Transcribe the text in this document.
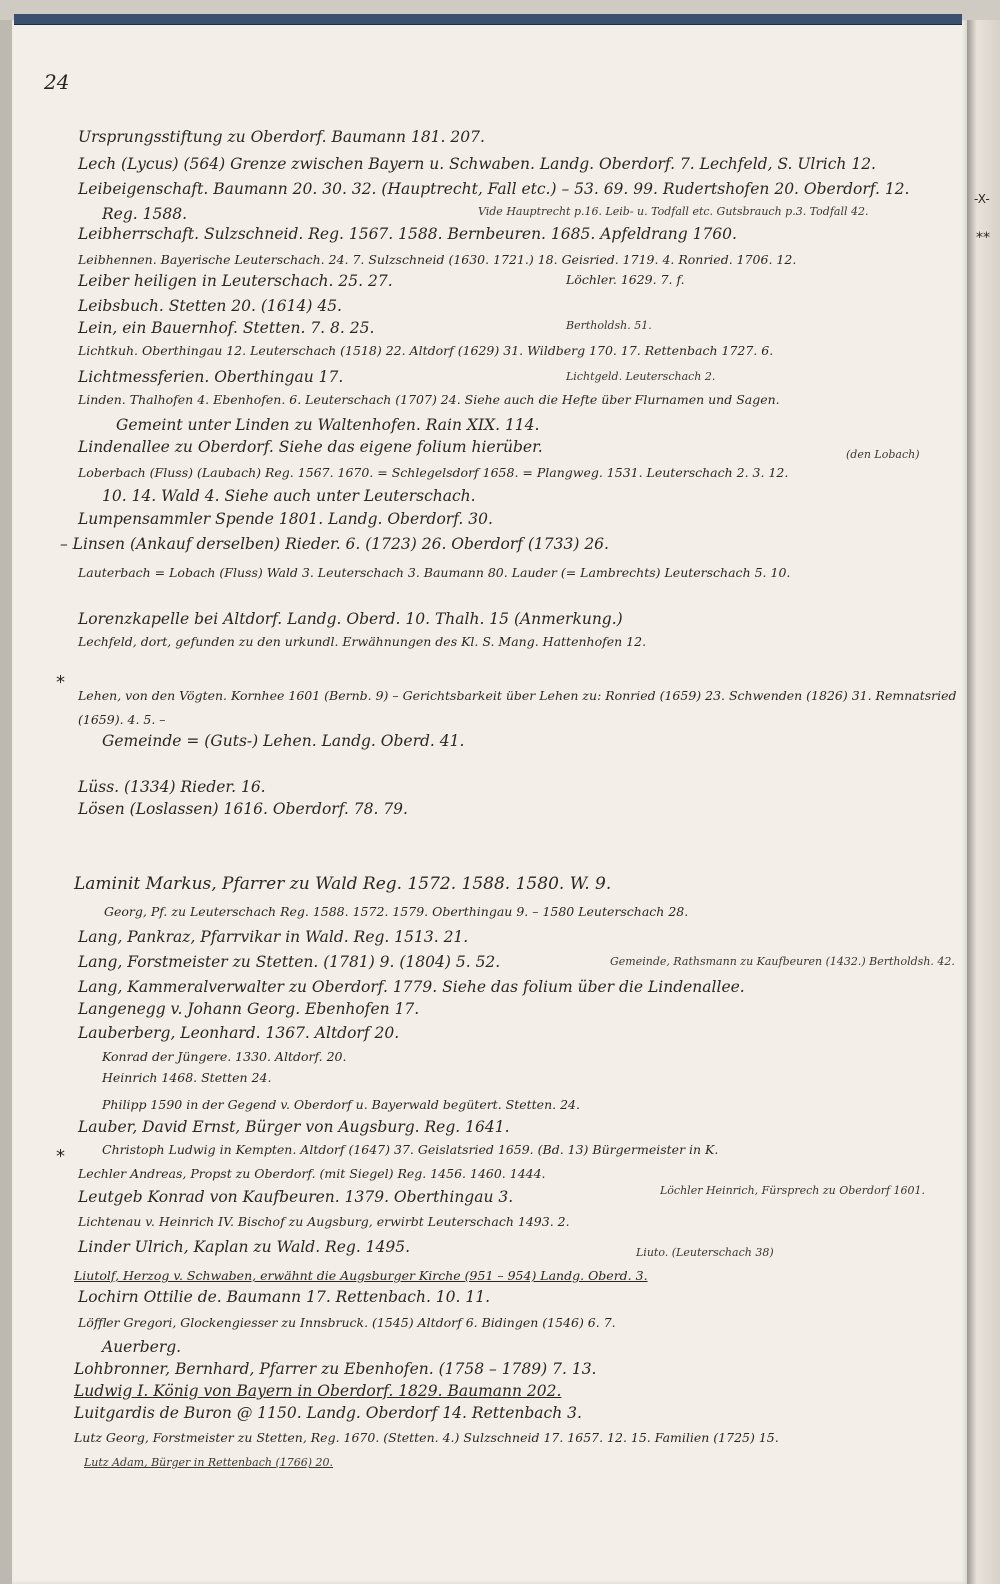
24
-X-
**
*
*
Ursprungsstiftung zu Oberdorf. Baumann 181. 207.
Lech (Lycus) (564) Grenze zwischen Bayern u. Schwaben. Landg. Oberdorf. 7. Lechfeld, S. Ulrich 12.
Leibeigenschaft. Baumann 20. 30. 32. (Hauptrecht, Fall etc.) – 53. 69. 99. Rudertshofen 20. Oberdorf. 12.
Reg. 1588.	Vide Hauptrecht p.16. Leib- u. Todfall etc. Gutsbrauch p.3. Todfall 42.
Leibherrschaft. Sulzschneid. Reg. 1567. 1588. Bernbeuren. 1685. Apfeldrang 1760.
Leibhennen. Bayerische Leuterschach. 24. 7. Sulzschneid (1630. 1721.) 18. Geisried. 1719. 4. Ronried. 1706. 12.
Leiber heiligen in Leuterschach. 25. 27.	Löchler. 1629. 7. f.
Leibsbuch. Stetten 20. (1614) 45.
Lein, ein Bauernhof. Stetten. 7. 8. 25.	Bertholdsh. 51.
Lichtkuh. Oberthingau 12. Leuterschach (1518) 22. Altdorf (1629) 31. Wildberg 170. 17. Rettenbach 1727. 6.
Lichtmessferien. Oberthingau 17.	Lichtgeld. Leuterschach 2.
Linden. Thalhofen 4. Ebenhofen. 6. Leuterschach (1707) 24. Siehe auch die Hefte über Flurnamen und Sagen.
Gemeint unter Linden zu Waltenhofen. Rain XIX. 114.
Lindenallee zu Oberdorf. Siehe das eigene folium hierüber.
Loberbach (Fluss) (Laubach) Reg. 1567. 1670. = Schlegelsdorf 1658. = Plangweg. 1531. Leuterschach 2. 3. 12.
(den Lobach)
10. 14. Wald 4. Siehe auch unter Leuterschach.
Lumpensammler Spende 1801. Landg. Oberdorf. 30.
– Linsen (Ankauf derselben) Rieder. 6. (1723) 26. Oberdorf (1733) 26.
Lauterbach = Lobach (Fluss) Wald 3. Leuterschach 3. Baumann 80. Lauder (= Lambrechts) Leuterschach 5. 10.
Lorenzkapelle bei Altdorf. Landg. Oberd. 10. Thalh. 15 (Anmerkung.)
Lechfeld, dort, gefunden zu den urkundl. Erwähnungen des Kl. S. Mang. Hattenhofen 12.
Lehen, von den Vögten. Kornhee 1601 (Bernb. 9) – Gerichtsbarkeit über Lehen zu: Ronried (1659) 23. Schwenden (1826) 31. Remnatsried (1659). 4. 5. –
Gemeinde = (Guts-) Lehen. Landg. Oberd. 41.
Lüss. (1334) Rieder. 16.
Lösen (Loslassen) 1616. Oberdorf. 78. 79.
Laminit Markus, Pfarrer zu Wald Reg. 1572. 1588. 1580. W. 9.
Georg, Pf. zu Leuterschach Reg. 1588. 1572. 1579. Oberthingau 9. – 1580 Leuterschach 28.
Lang, Pankraz, Pfarrvikar in Wald. Reg. 1513. 21.
Lang, Forstmeister zu Stetten. (1781) 9. (1804) 5. 52.	Gemeinde, Rathsmann zu Kaufbeuren (1432.) Bertholdsh. 42.
Lang, Kammeralverwalter zu Oberdorf. 1779. Siehe das folium über die Lindenallee.
Langenegg v. Johann Georg. Ebenhofen 17.
Lauberberg, Leonhard. 1367. Altdorf 20.
Konrad der Jüngere. 1330. Altdorf. 20.
Heinrich 1468. Stetten 24.
Philipp 1590 in der Gegend v. Oberdorf u. Bayerwald begütert. Stetten. 24.
Lauber, David Ernst, Bürger von Augsburg. Reg. 1641.
Christoph Ludwig in Kempten. Altdorf (1647) 37. Geislatsried 1659. (Bd. 13) Bürgermeister in K.
Lechler Andreas, Propst zu Oberdorf. (mit Siegel) Reg. 1456. 1460. 1444.
Löchler Heinrich, Fürsprech zu Oberdorf 1601.
Leutgeb Konrad von Kaufbeuren. 1379. Oberthingau 3.
Lichtenau v. Heinrich IV. Bischof zu Augsburg, erwirbt Leuterschach 1493. 2.
Linder Ulrich, Kaplan zu Wald. Reg. 1495.	Liuto. (Leuterschach 38)
Liutolf, Herzog v. Schwaben, erwähnt die Augsburger Kirche (951 – 954) Landg. Oberd. 3.
Lochirn Ottilie de. Baumann 17. Rettenbach. 10. 11.
Löffler Gregori, Glockengiesser zu Innsbruck. (1545) Altdorf 6. Bidingen (1546) 6. 7.
Auerberg.
Lohbronner, Bernhard, Pfarrer zu Ebenhofen. (1758 – 1789) 7. 13.
Ludwig I. König von Bayern in Oberdorf. 1829. Baumann 202.
Luitgardis de Buron @ 1150. Landg. Oberdorf 14. Rettenbach 3.
Lutz Georg, Forstmeister zu Stetten, Reg. 1670. (Stetten. 4.) Sulzschneid 17. 1657. 12. 15. Familien (1725) 15.
Lutz Adam, Bürger in Rettenbach (1766) 20.
